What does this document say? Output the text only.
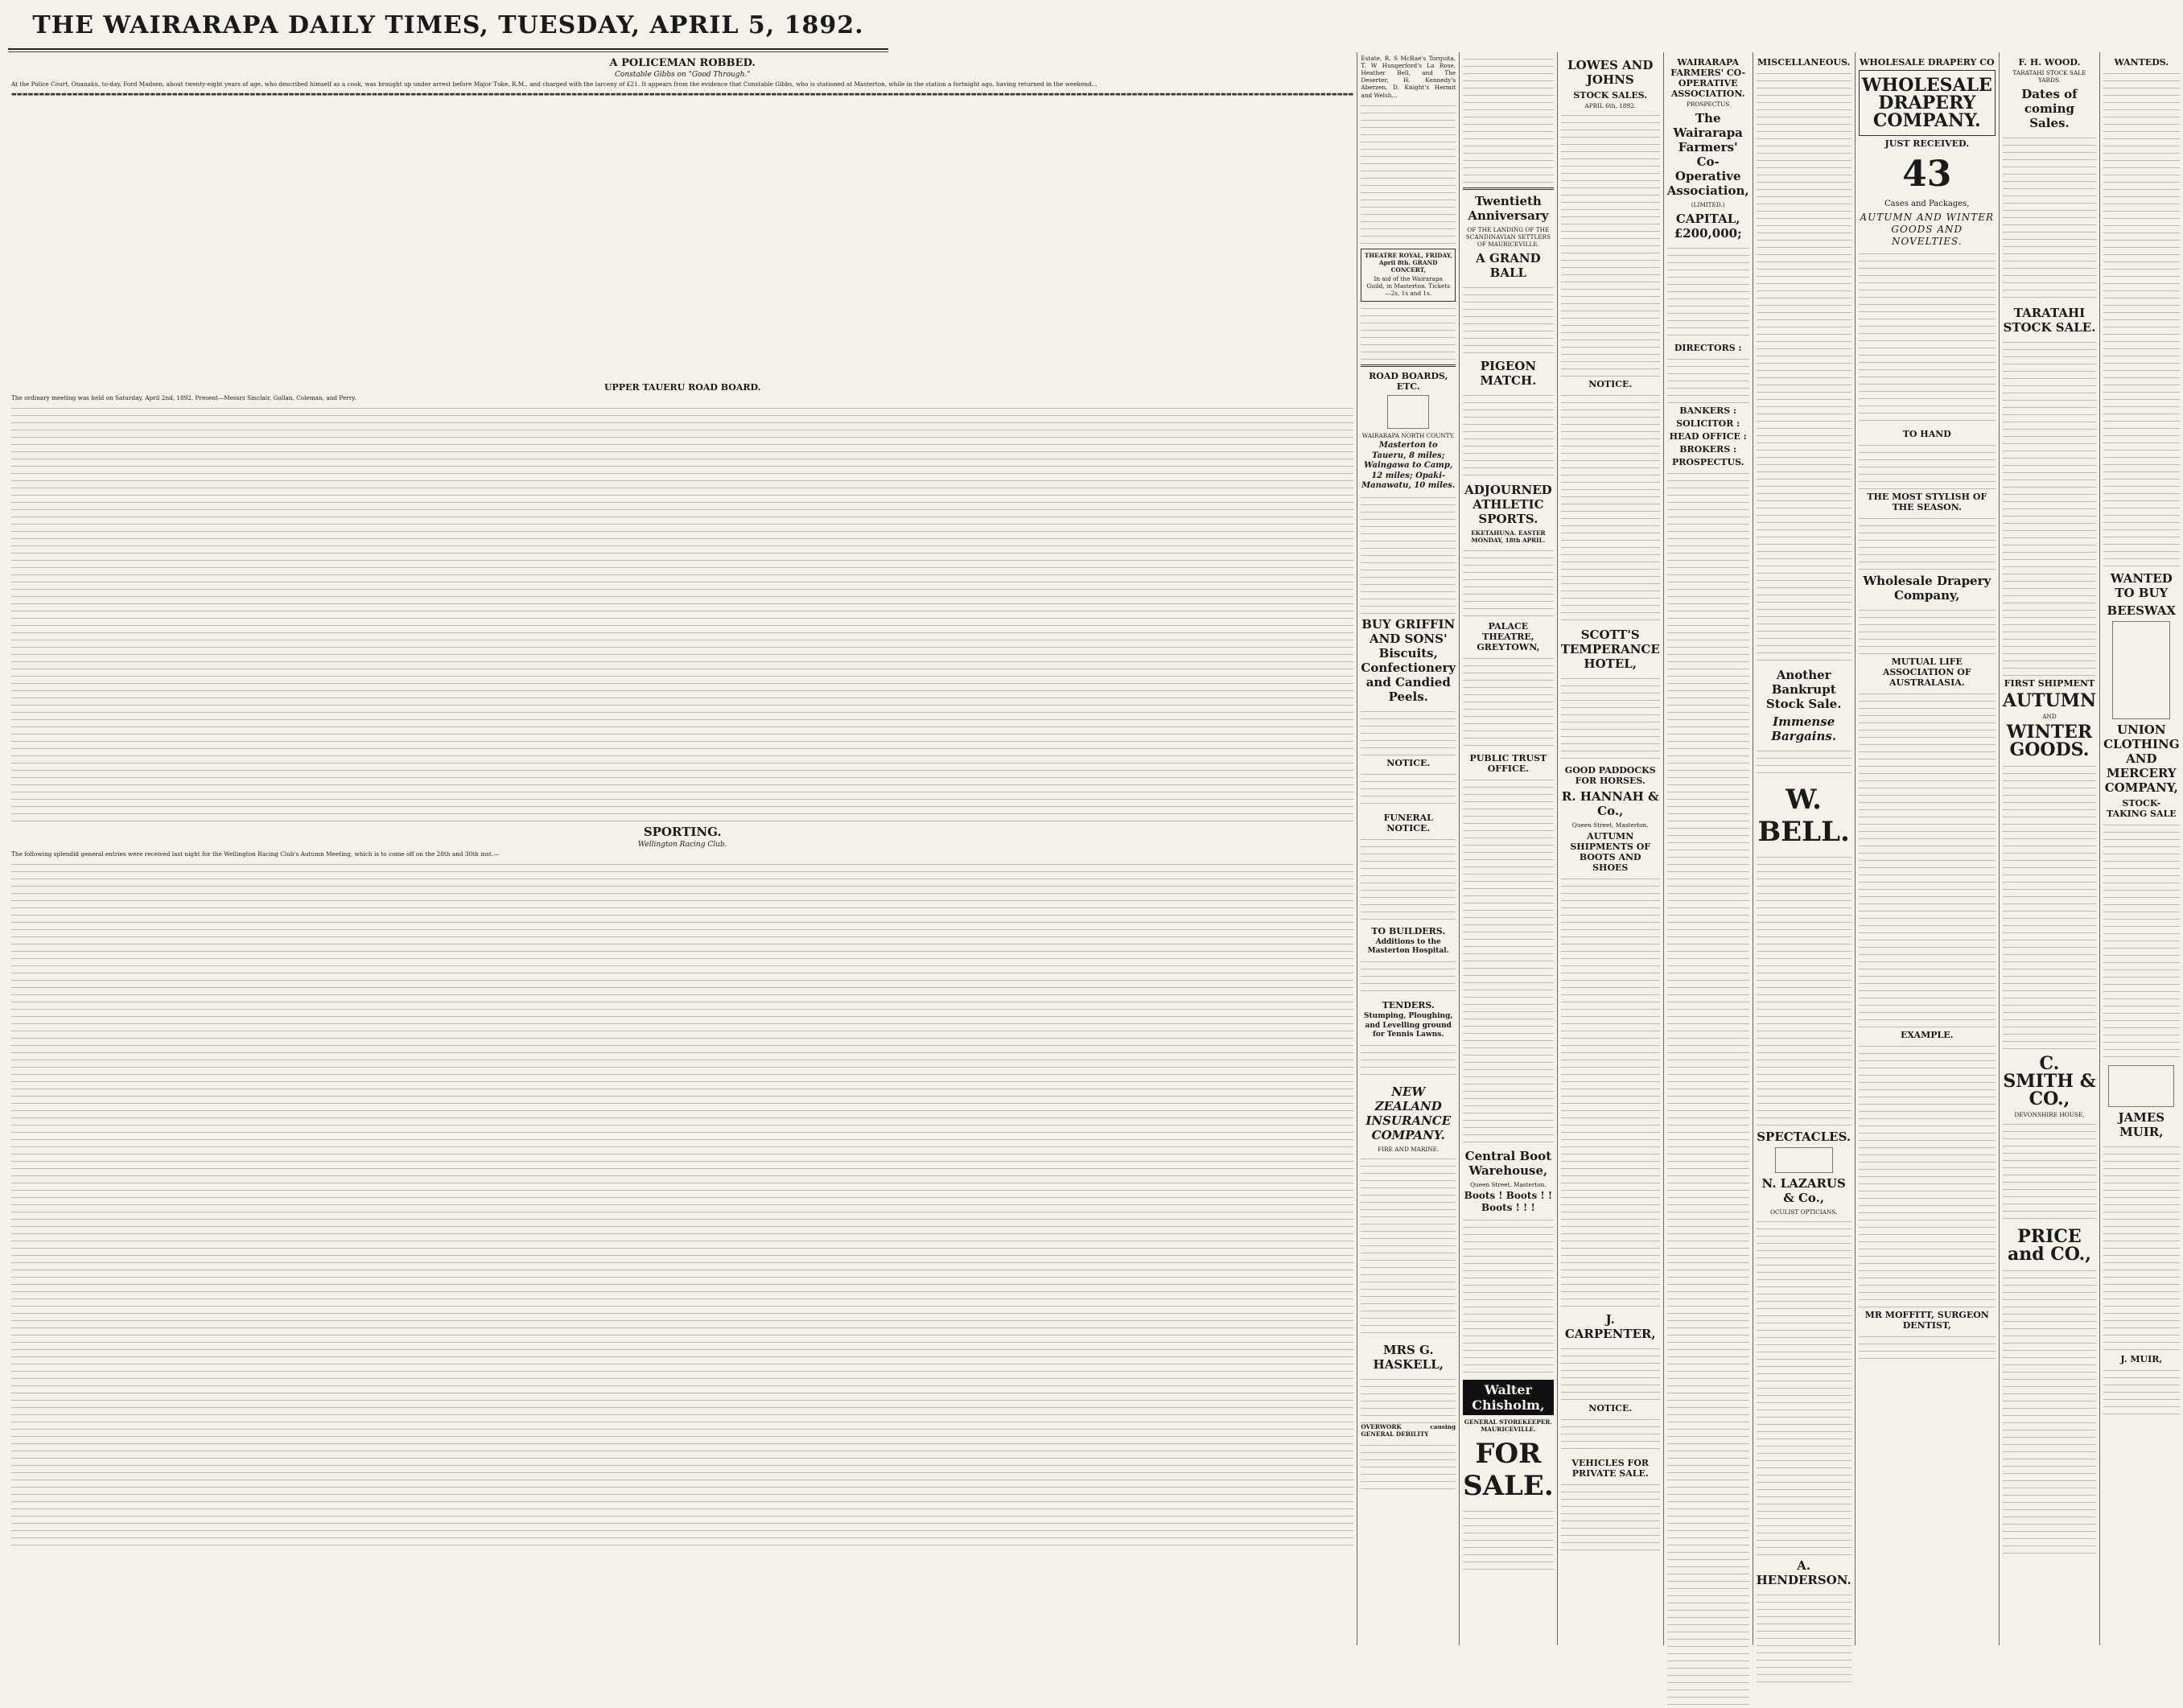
THE WAIRARAPA DAILY TIMES, TUESDAY, APRIL 5, 1892.
A POLICEMAN ROBBED.
Constable Gibbs on "Good Through."
At the Police Court, Onanaku, to-day, Ford Madsen, about twenty-eight years of age, who described himself as a cook, was brought up under arrest before Major Tuke, R.M., and charged with the larceny of £21. It appears from the evidence that Constable Gibbs, who is stationed at Masterton, while in the station a fortnight ago, having returned in the weekend...
▬▬▬▬▬▬▬▬▬▬▬▬▬▬▬▬▬▬▬▬▬▬▬▬▬▬▬▬▬▬▬▬▬▬▬▬▬▬▬▬▬▬▬▬▬▬▬▬▬▬▬▬▬▬▬▬▬▬▬▬▬▬▬▬▬▬▬▬▬▬▬▬▬▬▬▬▬▬▬▬▬▬▬▬▬▬▬▬▬▬▬▬▬▬▬▬▬▬▬▬▬▬▬▬▬▬▬▬▬▬▬▬▬▬▬▬▬▬▬▬▬▬▬▬▬▬▬▬▬▬▬▬▬▬▬▬▬▬▬▬▬▬▬▬▬▬▬▬▬▬▬▬▬▬▬▬▬▬▬▬▬▬▬▬▬▬▬▬▬▬▬▬▬▬▬▬▬▬▬▬▬▬▬▬▬▬▬▬▬▬▬▬▬▬▬▬▬▬▬▬▬▬▬▬▬▬▬▬▬▬▬▬▬▬▬▬▬▬▬▬▬▬▬▬▬▬▬▬▬▬▬▬▬▬▬▬▬▬▬▬▬▬
UPPER TAUERU ROAD BOARD.
The ordinary meeting was held on Saturday, April 2nd, 1892. Present—Messrs Sinclair, Gollan, Coleman, and Perry.
SPORTING.
Wellington Racing Club.
The following splendid general entries were received last night for the Wellington Racing Club's Autumn Meeting, which is to come off on the 28th and 30th inst.—
Estate, R. S McRae's Torquita, T. W Hungerford's La Rose, Heather Bell, and The Deserter, H. Kennedy's Aberzen, D. Knight's Hermit and Welsh...
THEATRE ROYAL, FRIDAY, April 8th. GRAND CONCERT,
In aid of the Wairarapa Guild, in Masterton. Tickets—2s, 1s and 1s.
ROAD BOARDS, ETC.
WAIRARAPA NORTH COUNTY.
Masterton to Taueru, 8 miles; Waingawa to Camp, 12 miles; Opaki-Manawatu, 10 miles.
BUY GRIFFIN AND SONS' Biscuits, Confectionery and Candied Peels.
NOTICE.
FUNERAL NOTICE.
TO BUILDERS.
Additions to the Masterton Hospital.
TENDERS.
Stumping, Ploughing, and Levelling ground for Tennis Lawns.
NEW ZEALAND INSURANCE COMPANY.
FIRE AND MARINE.
MRS G. HASKELL,
OVERWORK causing GENERAL DEBILITY
Twentieth Anniversary
OF THE LANDING OF THE SCANDINAVIAN SETTLERS OF MAURICEVILLE.
A GRAND BALL
PIGEON MATCH.
ADJOURNED ATHLETIC SPORTS.
EKETAHUNA. EASTER MONDAY, 18th APRIL.
PALACE THEATRE, GREYTOWN,
PUBLIC TRUST OFFICE.
Central Boot Warehouse,
Queen Street, Masterton.
Boots ! Boots ! ! Boots ! ! !
Walter Chisholm,
GENERAL STOREKEEPER. MAURICEVILLE.
FOR SALE.
LOWES AND JOHNS
STOCK SALES.
APRIL 6th, 1892.
NOTICE.
SCOTT'S TEMPERANCE HOTEL,
GOOD PADDOCKS FOR HORSES.
R. HANNAH & Co.,
Queen Street, Masterton.
AUTUMN SHIPMENTS OF BOOTS AND SHOES
J. CARPENTER,
NOTICE.
VEHICLES FOR PRIVATE SALE.
WAIRARAPA FARMERS' CO-OPERATIVE ASSOCIATION.
PROSPECTUS
The Wairarapa Farmers' Co-Operative Association,
(LIMITED.)
CAPITAL, £200,000;
DIRECTORS :
BANKERS :
SOLICITOR :
HEAD OFFICE :
BROKERS :
PROSPECTUS.
MISCELLANEOUS.
Another Bankrupt Stock Sale.
Immense Bargains.
W. BELL.
SPECTACLES.
N. LAZARUS & Co.,
OCULIST OPTICIANS.
A. HENDERSON.
WHOLESALE DRAPERY CO
WHOLESALE DRAPERY COMPANY.
JUST RECEIVED.
43
Cases and Packages,
AUTUMN AND WINTER GOODS AND NOVELTIES.
TO HAND
THE MOST STYLISH OF THE SEASON.
Wholesale Drapery Company,
MUTUAL LIFE ASSOCIATION OF AUSTRALASIA.
EXAMPLE.
MR MOFFITT, SURGEON DENTIST,
F. H. WOOD.
TARATAHI STOCK SALE YARDS.
Dates of coming Sales.
TARATAHI STOCK SALE.
FIRST SHIPMENT
AUTUMN
AND
WINTER GOODS.
C. SMITH & CO.,
DEVONSHIRE HOUSE,
PRICE and CO.,
WANTEDS.
WANTED TO BUY
BEESWAX
UNION CLOTHING AND MERCERY COMPANY,
STOCK-TAKING SALE
JAMES MUIR,
J. MUIR,
